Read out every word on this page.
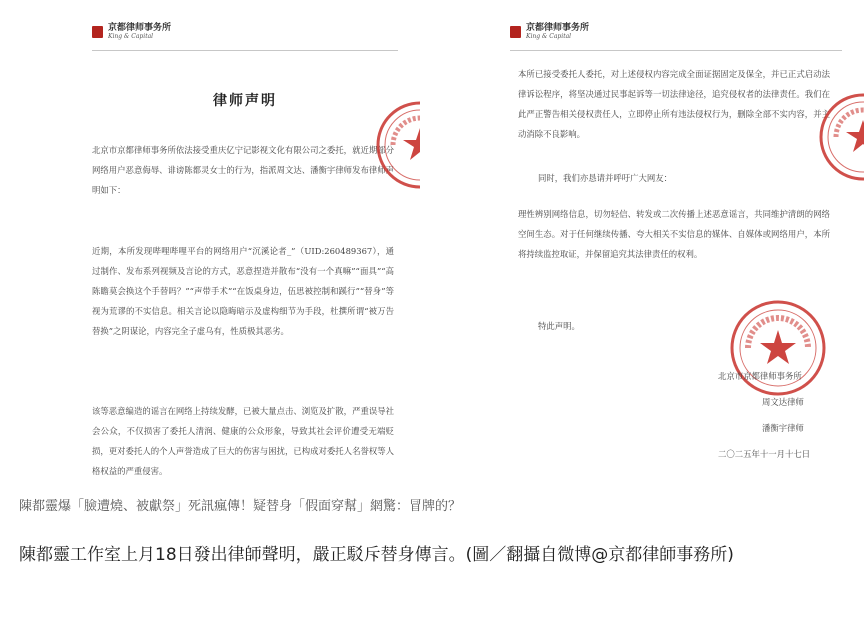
京都律师事务所
King & Capital
律师声明
北京市京都律师事务所依法接受重庆亿宁记影视文化有限公司之委托，就近期部分网络用户恶意侮辱、诽谤陈都灵女士的行为，指派周文达、潘衡宇律师发布律师声明如下：
近期，本所发现哔哩哔哩平台的网络用户“沉溪论者_”（UID:260489367），通过制作、发布系列视频及言论的方式，恶意捏造并散布“没有一个真嘛”“面具”“高陈瞻莫会换这个手替吗？”“声带手术”“在饭桌身边，伍思被控制和蹊行”“替身”等视为荒谬的不实信息。相关言论以隐晦暗示及虚构细节为手段，杜撰所谓“被万告替换”之阴谋论，内容完全子虚乌有，性质极其恶劣。
该等恶意编造的谣言在网络上持续发酵，已被大量点击、浏览及扩散，严重误导社会公众，不仅损害了委托人清润、健康的公众形象，导致其社会评价遭受无端贬损，更对委托人的个人声誉造成了巨大的伤害与困扰，已构成对委托人名誉权等人格权益的严重侵害。
京都律师事务所
King & Capital
本所已接受委托人委托，对上述侵权内容完成全面证据固定及保全，并已正式启动法律诉讼程序，将坚决通过民事起诉等一切法律途径，追究侵权者的法律责任。我们在此严正警告相关侵权责任人，立即停止所有违法侵权行为，删除全部不实内容，并主动消除不良影响。
同时，我们亦恳请并呼吁广大网友：
理性辨别网络信息，切勿轻信、转发或二次传播上述恶意谣言，共同维护清朗的网络空间生态。对于任何继续传播、夸大相关不实信息的媒体、自媒体或网络用户，本所将持续监控取证，并保留追究其法律责任的权利。
特此声明。
北京市京都律师事务所
周文达律师
潘衡宇律师
二〇二五年十一月十七日
陳都靈爆「臉遭燒、被獻祭」死訊瘋傳！疑替身「假面穿幫」網驚：冒牌的？
陳都靈工作室上月18日發出律師聲明，嚴正駁斥替身傳言。(圖／翻攝自微博@京都律師事務所)
